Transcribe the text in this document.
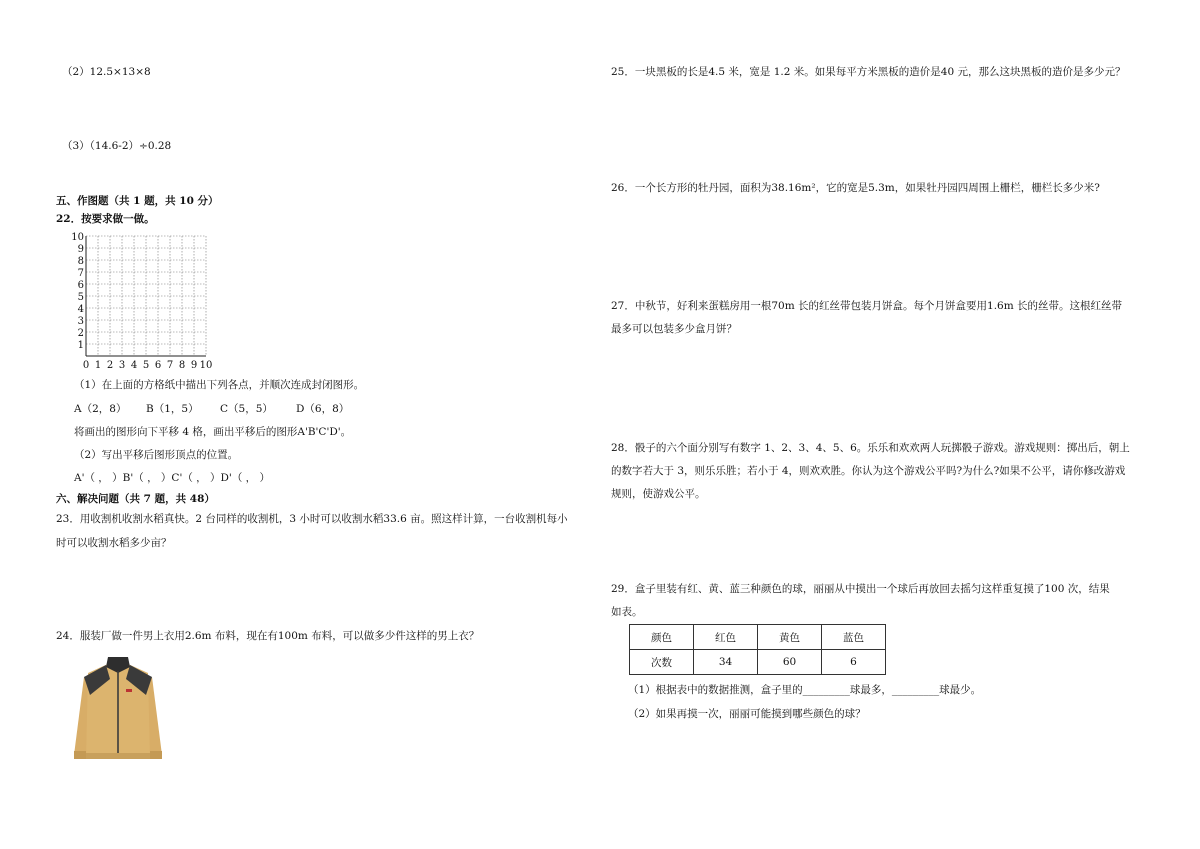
（2）12.5×13×8
（3）（14.6-2）÷0.28
五、作图题（共 1 题，共 10 分）
22．按要求做一做。
10
9
8
7
6
5
4
3
2
1
0 1 2 3 4 5 6 7 8 9 10
（1）在上面的方格纸中描出下列各点，并顺次连成封闭图形。
A（2，8） B（1，5） C（5，5） D（6，8）
将画出的图形向下平移 4 格，画出平移后的图形A'B'C'D'。
（2）写出平移后图形顶点的位置。
A'（ ， ）B'（ ， ）C'（ ， ）D'（ ， ）
六、解决问题（共 7 题，共 48）
23．用收割机收割水稻真快。2 台同样的收割机，3 小时可以收割水稻33.6 亩。照这样计算，一台收割机每小
时可以收割水稻多少亩？
24．服装厂做一件男上衣用2.6m 布料，现在有100m 布料，可以做多少件这样的男上衣？
25．一块黑板的长是4.5 米，宽是 1.2 米。如果每平方米黑板的造价是40 元，那么这块黑板的造价是多少元？
26．一个长方形的牡丹园，面积为38.16m²，它的宽是5.3m，如果牡丹园四周围上栅栏，栅栏长多少米?
27．中秋节，好利来蛋糕房用一根70m 长的红丝带包装月饼盒。每个月饼盒要用1.6m 长的丝带。这根红丝带
最多可以包装多少盒月饼？
28．骰子的六个面分别写有数字 1、2、3、4、5、6。乐乐和欢欢两人玩掷骰子游戏。游戏规则：掷出后，朝上
的数字若大于 3，则乐乐胜；若小于 4，则欢欢胜。你认为这个游戏公平吗?为什么?如果不公平，请你修改游戏
规则，使游戏公平。
29．盒子里装有红、黄、蓝三种颜色的球，丽丽从中摸出一个球后再放回去摇匀这样重复摸了100 次，结果
如表。
颜色	红色	黄色	蓝色
次数	34	60	6
（1）根据表中的数据推测，盒子里的_________球最多，_________球最少。
（2）如果再摸一次，丽丽可能摸到哪些颜色的球？
